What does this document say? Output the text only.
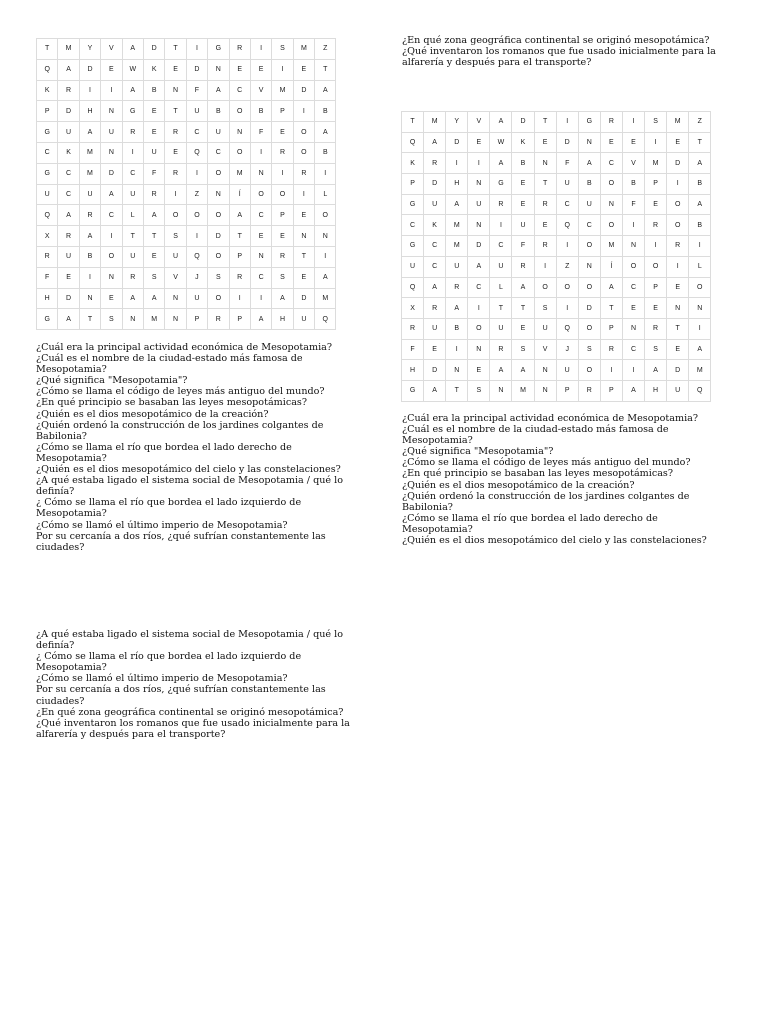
T	M	Y	V	A	D	T	I	G	R	I	S	M	Z
Q	A	D	E	W	K	E	D	N	E	E	I	E	T
K	R	I	I	A	B	N	F	A	C	V	M	D	A
P	D	H	N	G	E	T	U	B	O	B	P	I	B
G	U	A	U	R	E	R	C	U	N	F	E	O	A
C	K	M	N	I	U	E	Q	C	O	I	R	O	B
G	C	M	D	C	F	R	I	O	M	N	I	R	I
U	C	U	A	U	R	I	Z	N	Í	O	O	I	L
Q	A	R	C	L	A	O	O	O	A	C	P	E	O
X	R	A	I	T	T	S	I	D	T	E	E	N	N
R	U	B	O	U	E	U	Q	O	P	N	R	T	I
F	E	I	N	R	S	V	J	S	R	C	S	E	A
H	D	N	E	A	A	N	U	O	I	I	A	D	M
G	A	T	S	N	M	N	P	R	P	A	H	U	Q
T	M	Y	V	A	D	T	I	G	R	I	S	M	Z
Q	A	D	E	W	K	E	D	N	E	E	I	E	T
K	R	I	I	A	B	N	F	A	C	V	M	D	A
P	D	H	N	G	E	T	U	B	O	B	P	I	B
G	U	A	U	R	E	R	C	U	N	F	E	O	A
C	K	M	N	I	U	E	Q	C	O	I	R	O	B
G	C	M	D	C	F	R	I	O	M	N	I	R	I
U	C	U	A	U	R	I	Z	N	Í	O	O	I	L
Q	A	R	C	L	A	O	O	O	A	C	P	E	O
X	R	A	I	T	T	S	I	D	T	E	E	N	N
R	U	B	O	U	E	U	Q	O	P	N	R	T	I
F	E	I	N	R	S	V	J	S	R	C	S	E	A
H	D	N	E	A	A	N	U	O	I	I	A	D	M
G	A	T	S	N	M	N	P	R	P	A	H	U	Q
¿Cuál era la principal actividad económica de Mesopotamia?
¿Cuál es el nombre de la ciudad-estado más famosa de
Mesopotamia?
¿Qué significa "Mesopotamia"?
¿Cómo se llama el código de leyes más antiguo del mundo?
¿En qué principio se basaban las leyes mesopotámicas?
¿Quién es el dios mesopotámico de la creación?
¿Quién ordenó la construcción de los jardines colgantes de
Babilonia?
¿Cómo se llama el río que bordea el lado derecho de
Mesopotamia?
¿Quién es el dios mesopotámico del cielo y las constelaciones?
¿A qué estaba ligado el sistema social de Mesopotamia / qué lo
definía?
¿ Cómo se llama el río que bordea el lado izquierdo de
Mesopotamia?
¿Cómo se llamó el último imperio de Mesopotamia?
Por su cercanía a dos ríos, ¿qué sufrían constantemente las
ciudades?
¿Cuál era la principal actividad económica de Mesopotamia?
¿Cuál es el nombre de la ciudad-estado más famosa de
Mesopotamia?
¿Qué significa "Mesopotamia"?
¿Cómo se llama el código de leyes más antiguo del mundo?
¿En qué principio se basaban las leyes mesopotámicas?
¿Quién es el dios mesopotámico de la creación?
¿Quién ordenó la construcción de los jardines colgantes de
Babilonia?
¿Cómo se llama el río que bordea el lado derecho de
Mesopotamia?
¿Quién es el dios mesopotámico del cielo y las constelaciones?
¿A qué estaba ligado el sistema social de Mesopotamia / qué lo
definía?
¿ Cómo se llama el río que bordea el lado izquierdo de
Mesopotamia?
¿Cómo se llamó el último imperio de Mesopotamia?
Por su cercanía a dos ríos, ¿qué sufrían constantemente las
ciudades?
¿En qué zona geográfica continental se originó mesopotámica?
¿Qué inventaron los romanos que fue usado inicialmente para la
alfarería y después para el transporte?
¿En qué zona geográfica continental se originó mesopotámica?
¿Qué inventaron los romanos que fue usado inicialmente para la
alfarería y después para el transporte?
